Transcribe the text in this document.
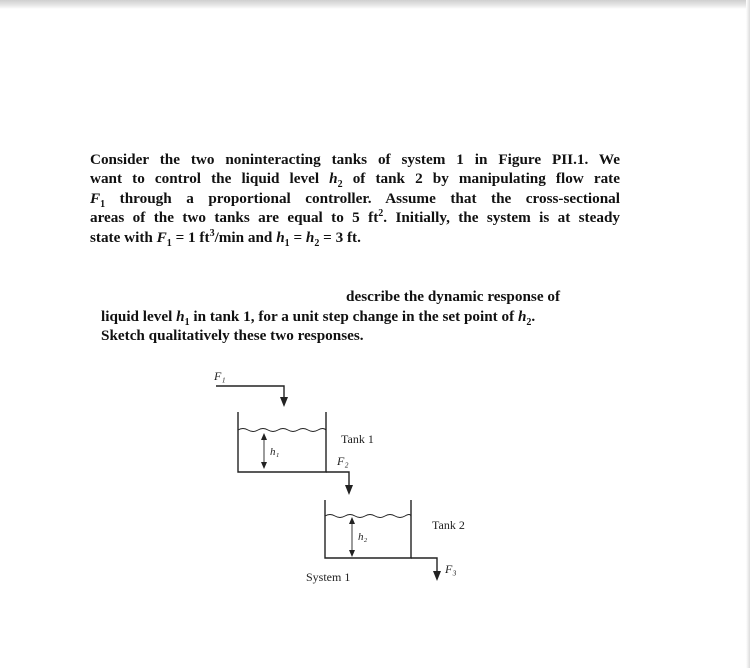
Consider the two noninteracting tanks of system 1 in Figure PII.1. We
want to control the liquid level $h_2$ of tank 2 by manipulating flow rate
$F_1$ through a proportional controller. Assume that the cross-sectional
areas of the two tanks are equal to 5 $ft^2$. Initially, the system is at steady
state with $F_1 = 1$ $ft^3/\min$ and $h_1 = h_2 = 3$ ft.
describe the dynamic response of
liquid level $h_1$ in tank 1, for a unit step change in the set point of $h_2$.
Sketch qualitatively these two responses.
F₁
h₁
Tank 1
F₂
h₂
Tank 2
F₃
System 1
